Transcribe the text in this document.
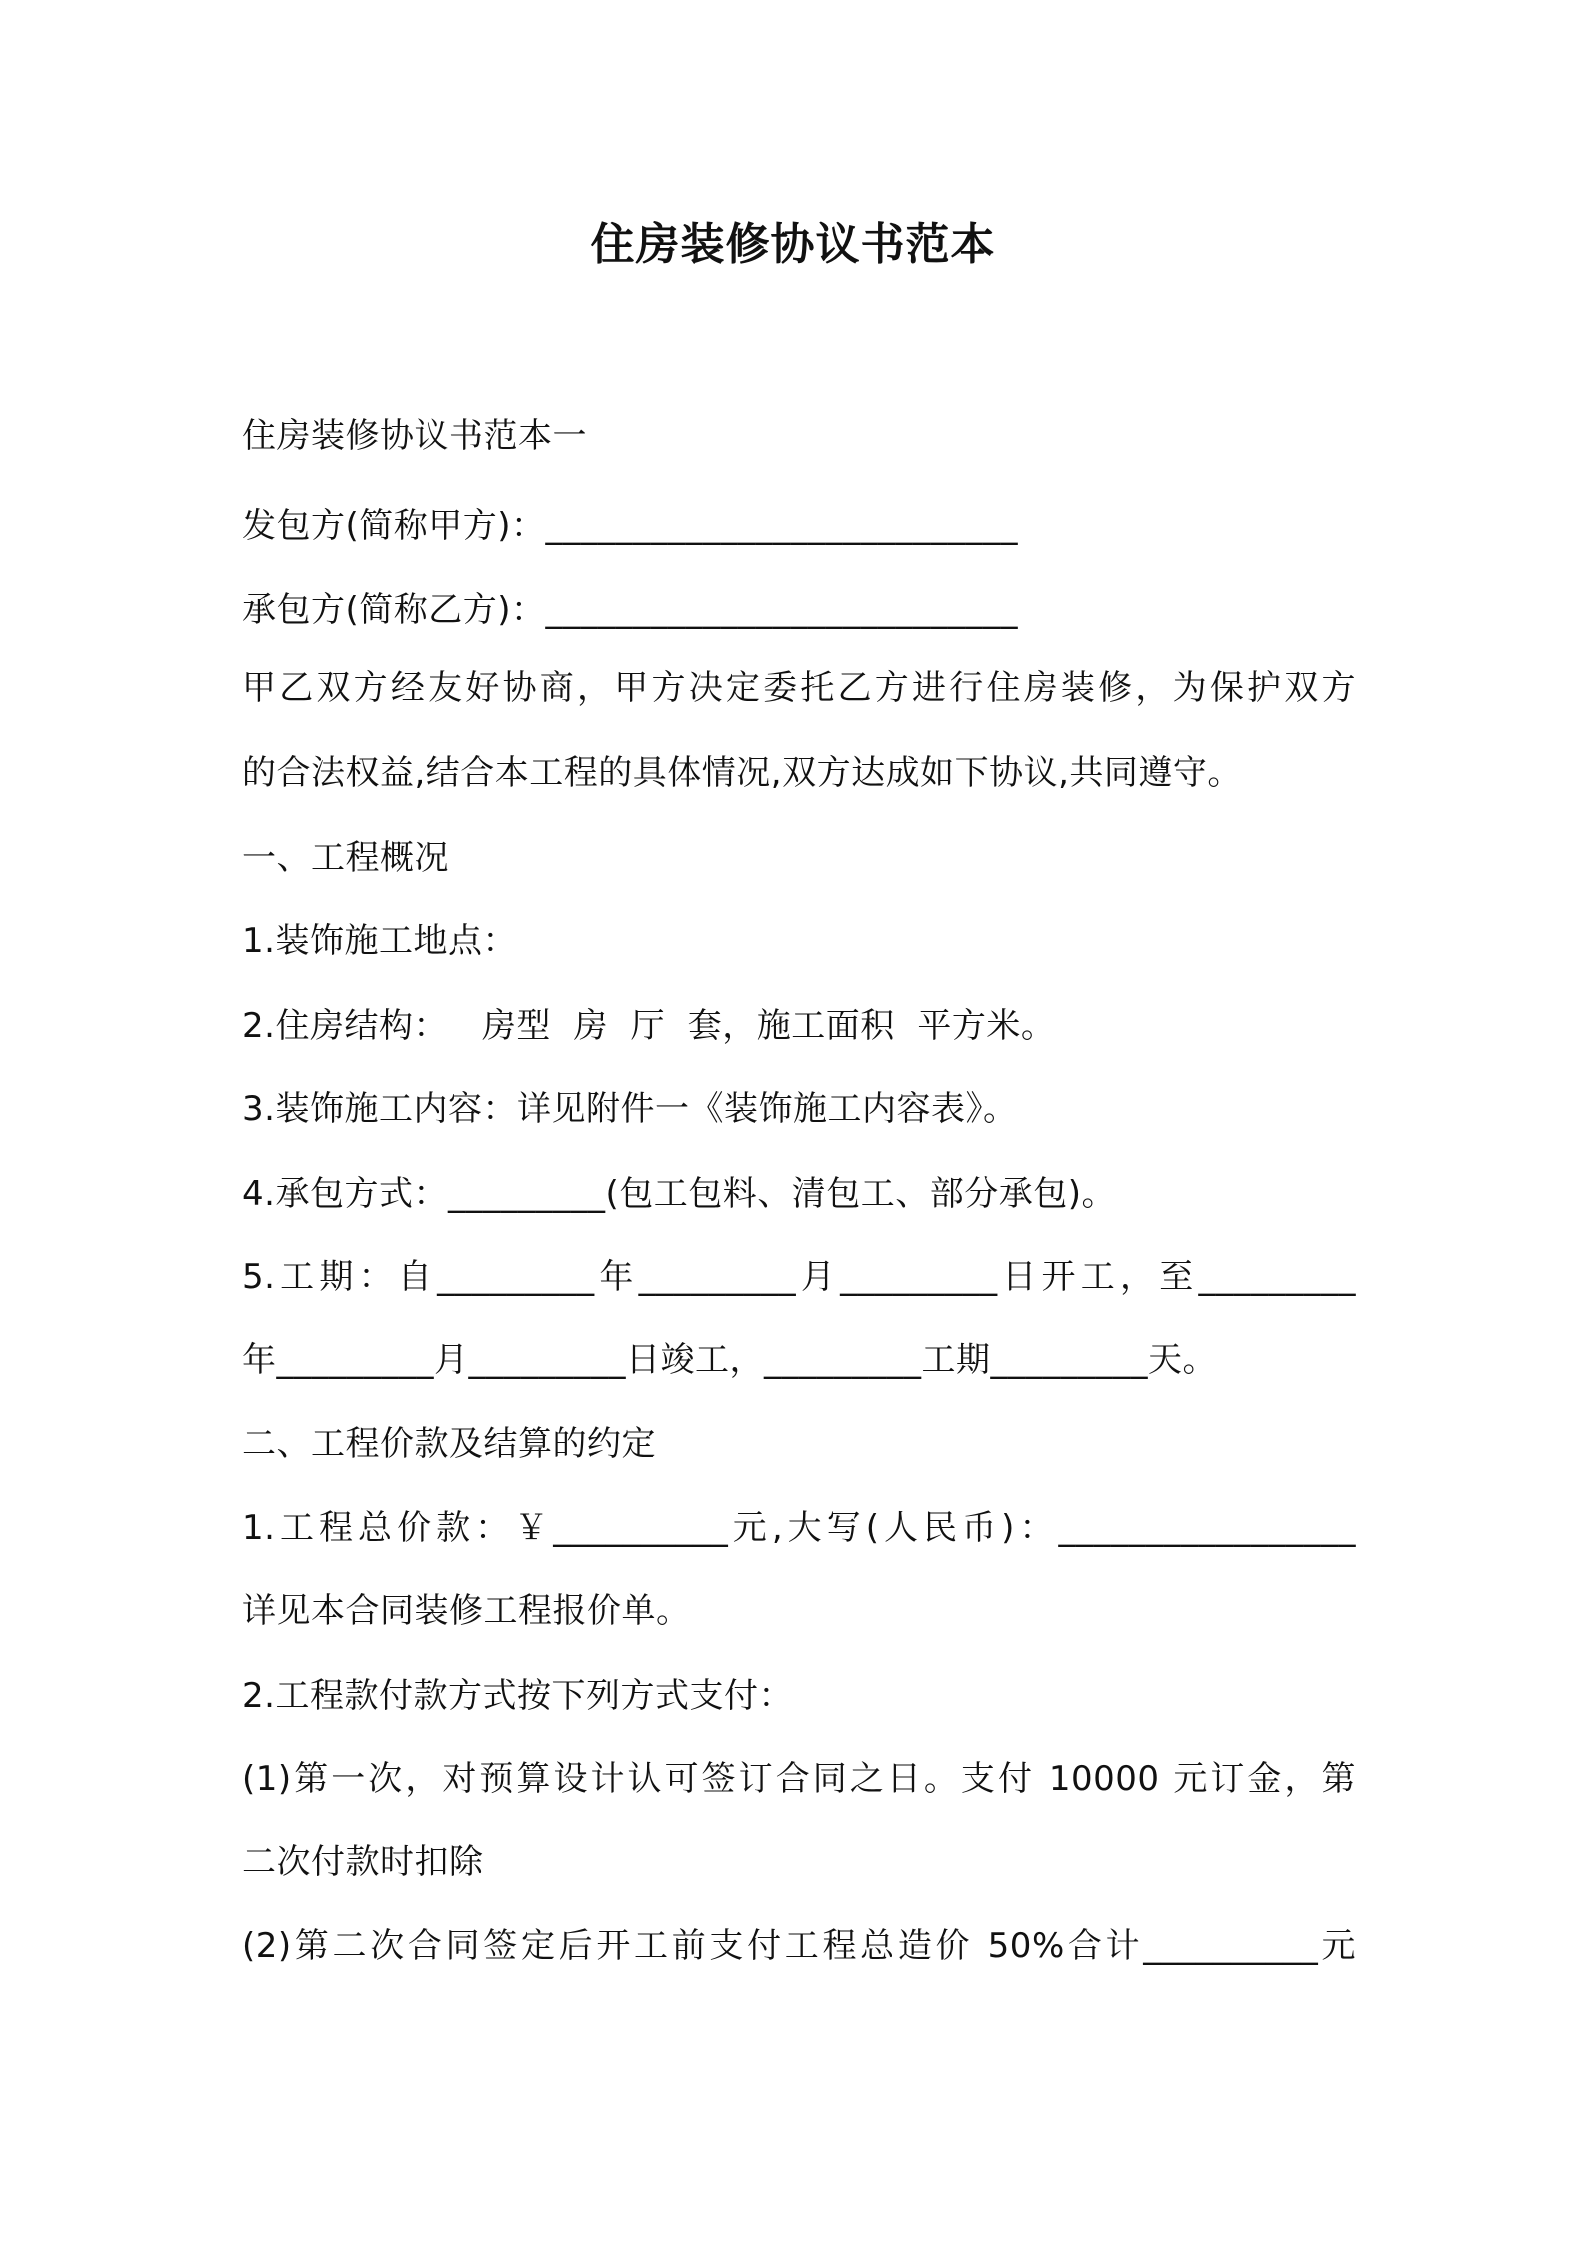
住房装修协议书范本
住房装修协议书范本一
发包方(简称甲方)：___________________________
承包方(简称乙方)：___________________________
甲乙双方经友好协商，甲方决定委托乙方进行住房装修，为保护双方
的合法权益,结合本工程的具体情况,双方达成如下协议,共同遵守。
一、工程概况
1.装饰施工地点：
2.住房结构：   房型  房  厅  套，施工面积  平方米。
3.装饰施工内容：详见附件一《装饰施工内容表》。
4.承包方式：_________(包工包料、清包工、部分承包)。
5.工期：自_________年_________月_________日开工，至_________
年_________月_________日竣工，_________工期_________天。
二、工程价款及结算的约定
1.工程总价款：￥__________元,大写(人民币)：_________________
详见本合同装修工程报价单。
2.工程款付款方式按下列方式支付：
(1)第一次，对预算设计认可签订合同之日。支付 10000 元订金，第
二次付款时扣除
(2)第二次合同签定后开工前支付工程总造价 50%合计__________元
